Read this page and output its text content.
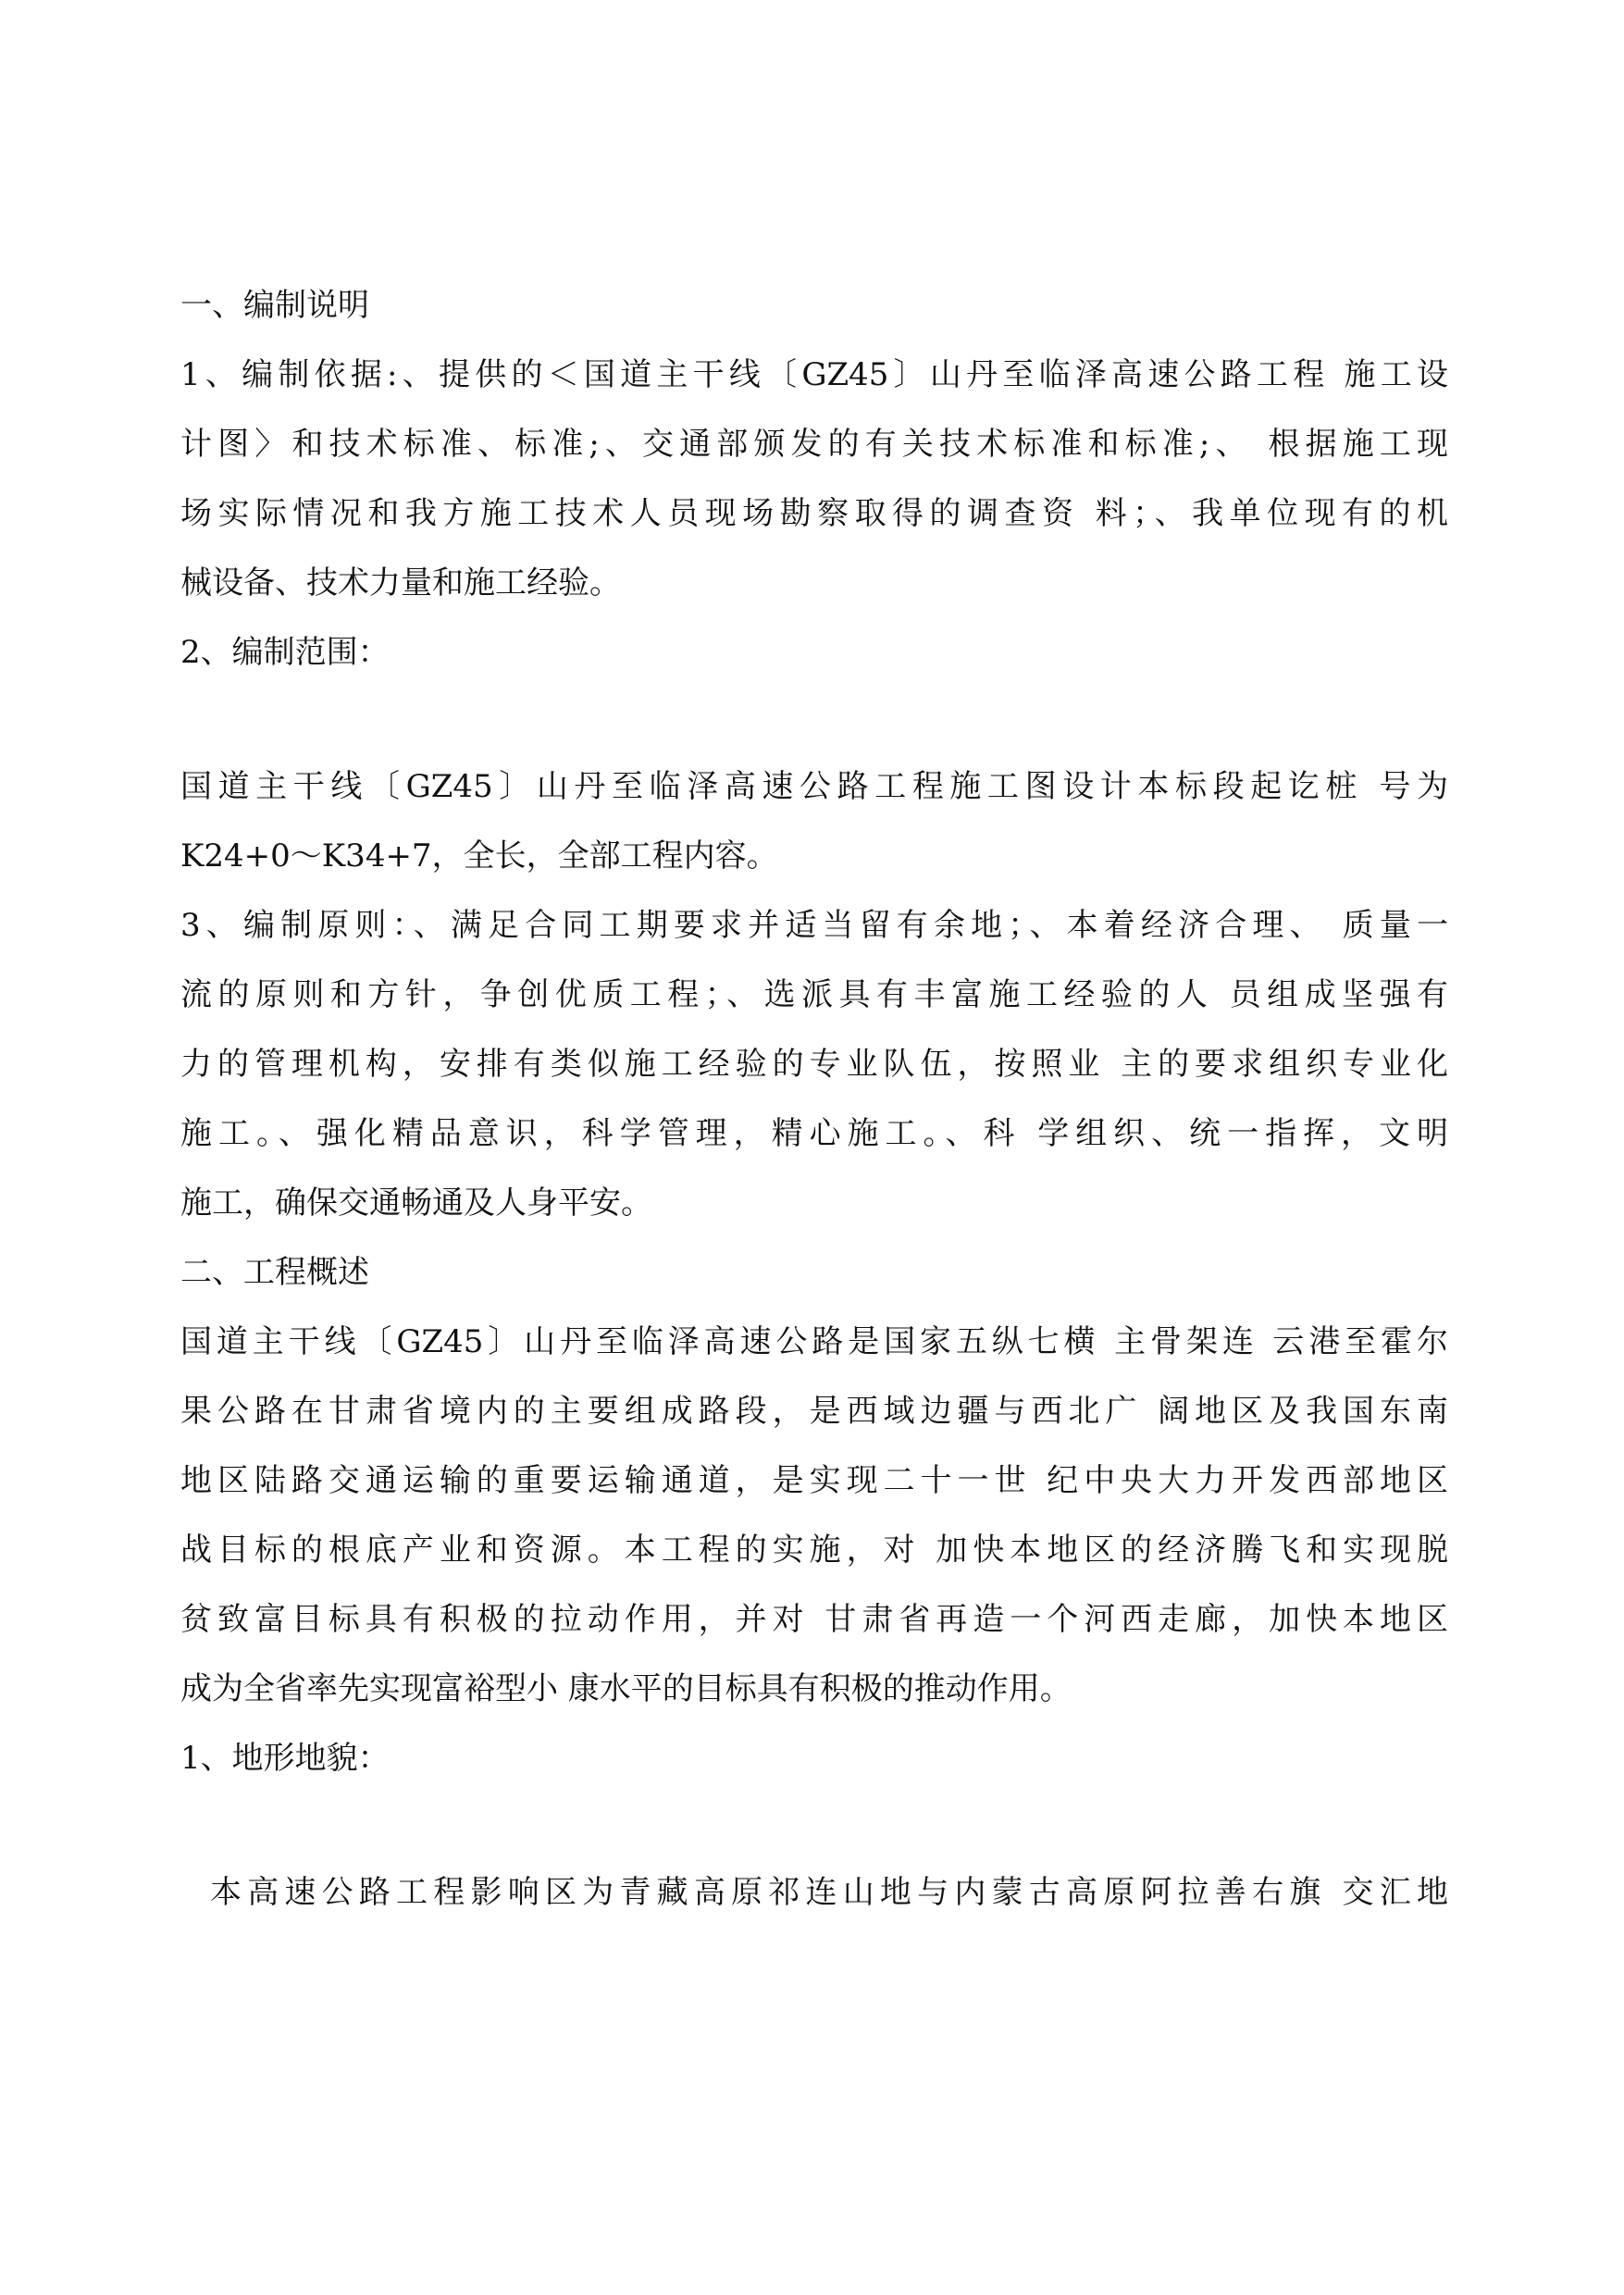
一、编制说明
1、编制依据:、提供的＜国道主干线〔GZ45〕山丹至临泽高速公路工程 施工设
计图〉和技术标准、标准;、交通部颁发的有关技术标准和标准;、 根据施工现
场实际情况和我方施工技术人员现场勘察取得的调查资 料；、我单位现有的机
械设备、技术力量和施工经验。
2、编制范围：
国道主干线〔GZ45〕山丹至临泽高速公路工程施工图设计本标段起讫桩 号为
K24+0〜K34+7，全长，全部工程内容。
3、编制原则：、满足合同工期要求并适当留有余地；、本着经济合理、 质量一
流的原则和方针，争创优质工程；、选派具有丰富施工经验的人 员组成坚强有
力的管理机构，安排有类似施工经验的专业队伍，按照业 主的要求组织专业化
施工。、强化精品意识，科学管理，精心施工。、科 学组织、统一指挥，文明
施工，确保交通畅通及人身平安。
二、工程概述
国道主干线〔GZ45〕山丹至临泽高速公路是国家五纵七横 主骨架连 云港至霍尔
果公路在甘肃省境内的主要组成路段，是西域边疆与西北广 阔地区及我国东南
地区陆路交通运输的重要运输通道，是实现二十一世 纪中央大力开发西部地区
战目标的根底产业和资源。本工程的实施，对 加快本地区的经济腾飞和实现脱
贫致富目标具有积极的拉动作用，并对 甘肃省再造一个河西走廊，加快本地区
成为全省率先实现富裕型小 康水平的目标具有积极的推动作用。
1、地形地貌：
本高速公路工程影响区为青藏高原祁连山地与内蒙古高原阿拉善右旗 交汇地
